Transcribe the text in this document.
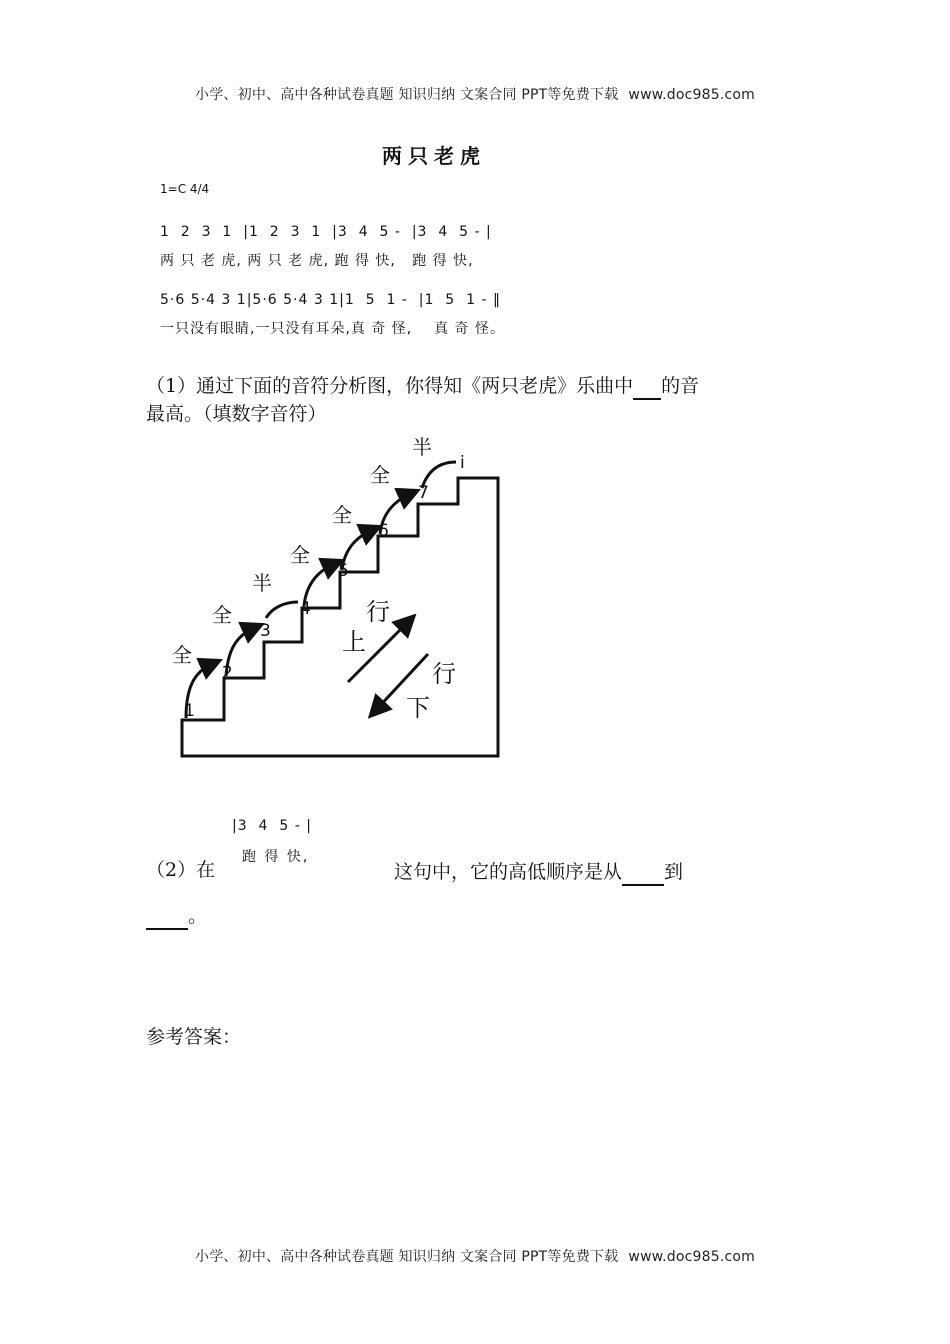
小学、初中、高中各种试卷真题 知识归纳 文案合同 PPT等免费下载 www.doc985.com
两只老虎
1=C 4/4
1  2  3  1  |1  2  3  1  |3  4  5 -  |3  4  5 - |
两 只 老 虎, 两 只 老 虎, 跑 得 快,   跑 得 快,
5·6 5·4 3 1|5·6 5·4 3 1|1  5  1 -  |1  5  1 - ‖
一只没有眼睛,一只没有耳朵,真 奇 怪,    真 奇 怪。
（1）通过下面的音符分析图，你得知《两只老虎》乐曲中 的音
最高。（填数字音符）
1
2
3
4
5
6
7
i
全
全
半
全
全
全
半
上
行
行
下
|3  4  5 - |
跑 得 快,
（2）在	这句中，它的高低顺序是从 到
。
参考答案：
小学、初中、高中各种试卷真题 知识归纳 文案合同 PPT等免费下载 www.doc985.com
